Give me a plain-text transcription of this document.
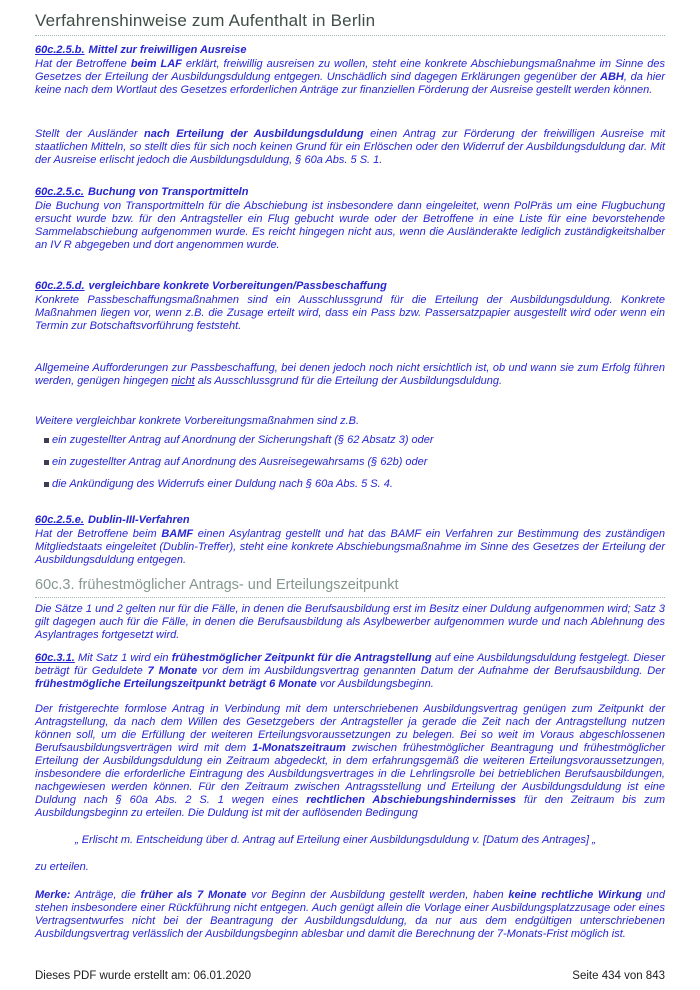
Verfahrenshinweise zum Aufenthalt in Berlin
60c.2.5.b. Mittel zur freiwilligen Ausreise

Hat der Betroffene beim LAF erklärt, freiwillig ausreisen zu wollen, steht eine konkrete Abschiebungsmaßnahme im Sinne des Gesetzes der Erteilung der Ausbildungsduldung entgegen. Unschädlich sind dagegen Erklärungen gegenüber der ABH, da hier keine nach dem Wortlaut des Gesetzes erforderlichen Anträge zur finanziellen Förderung der Ausreise gestellt werden können.

Stellt der Ausländer nach Erteilung der Ausbildungsduldung einen Antrag zur Förderung der freiwilligen Ausreise mit staatlichen Mitteln, so stellt dies für sich noch keinen Grund für ein Erlöschen oder den Widerruf der Ausbildungsduldung dar. Mit der Ausreise erlischt jedoch die Ausbildungsduldung, § 60a Abs. 5 S. 1.

60c.2.5.c. Buchung von Transportmitteln

Die Buchung von Transportmitteln für die Abschiebung ist insbesondere dann eingeleitet, wenn PolPräs um eine Flugbuchung ersucht wurde bzw. für den Antragsteller ein Flug gebucht wurde oder der Betroffene in eine Liste für eine bevorstehende Sammelabschiebung aufgenommen wurde. Es reicht hingegen nicht aus, wenn die Ausländerakte lediglich zuständigkeitshalber an IV R abgegeben und dort angenommen wurde.

60c.2.5.d. vergleichbare konkrete Vorbereitungen/Passbeschaffung

Konkrete Passbeschaffungsmaßnahmen sind ein Ausschlussgrund für die Erteilung der Ausbildungsduldung. Konkrete Maßnahmen liegen vor, wenn z.B. die Zusage erteilt wird, dass ein Pass bzw. Passersatzpapier ausgestellt wird oder wenn ein Termin zur Botschaftsvorführung feststeht.

Allgemeine Aufforderungen zur Passbeschaffung, bei denen jedoch noch nicht ersichtlich ist, ob und wann sie zum Erfolg führen werden, genügen hingegen nicht als Ausschlussgrund für die Erteilung der Ausbildungsduldung.

Weitere vergleichbar konkrete Vorbereitungsmaßnahmen sind z.B.

ein zugestellter Antrag auf Anordnung der Sicherungshaft (§ 62 Absatz 3) oder
ein zugestellter Antrag auf Anordnung des Ausreisegewahrsams (§ 62b) oder
die Ankündigung des Widerrufs einer Duldung nach § 60a Abs. 5 S. 4.
60c.2.5.e. Dublin-III-Verfahren

Hat der Betroffene beim BAMF einen Asylantrag gestellt und hat das BAMF ein Verfahren zur Bestimmung des zuständigen Mitgliedstaats eingeleitet (Dublin-Treffer), steht eine konkrete Abschiebungsmaßnahme im Sinne des Gesetzes der Erteilung der Ausbildungsduldung entgegen.

60c.3. frühestmöglicher Antrags- und Erteilungszeitpunkt

Die Sätze 1 und 2 gelten nur für die Fälle, in denen die Berufsausbildung erst im Besitz einer Duldung aufgenommen wird; Satz 3 gilt dagegen auch für die Fälle, in denen die Berufsausbildung als Asylbewerber aufgenommen wurde und nach Ablehnung des Asylantrages fortgesetzt wird.

60c.3.1. Mit Satz 1 wird ein frühestmöglicher Zeitpunkt für die Antragstellung auf eine Ausbildungsduldung festgelegt. Dieser beträgt für Geduldete 7 Monate vor dem im Ausbildungsvertrag genannten Datum der Aufnahme der Berufsausbildung. Der frühestmögliche Erteilungszeitpunkt beträgt 6 Monate vor Ausbildungsbeginn.

Der fristgerechte formlose Antrag in Verbindung mit dem unterschriebenen Ausbildungsvertrag genügen zum Zeitpunkt der Antragstellung, da nach dem Willen des Gesetzgebers der Antragsteller ja gerade die Zeit nach der Antragstellung nutzen können soll, um die Erfüllung der weiteren Erteilungsvoraussetzungen zu belegen. Bei so weit im Voraus abgeschlossenen Berufsausbildungsverträgen wird mit dem 1-Monatszeitraum zwischen frühestmöglicher Beantragung und frühestmöglicher Erteilung der Ausbildungsduldung ein Zeitraum abgedeckt, in dem erfahrungsgemäß die weiteren Erteilungsvoraussetzungen, insbesondere die erforderliche Eintragung des Ausbildungsvertrages in die Lehrlingsrolle bei betrieblichen Berufsausbildungen, nachgewiesen werden können. Für den Zeitraum zwischen Antragsstellung und Erteilung der Ausbildungsduldung ist eine Duldung nach § 60a Abs. 2 S. 1 wegen eines rechtlichen Abschiebungshindernisses für den Zeitraum bis zum Ausbildungsbeginn zu erteilen. Die Duldung ist mit der auflösenden Bedingung

„ Erlischt m. Entscheidung über d. Antrag auf Erteilung einer Ausbildungsduldung v. [Datum des Antrages] „

zu erteilen.

Merke: Anträge, die früher als 7 Monate vor Beginn der Ausbildung gestellt werden, haben keine rechtliche Wirkung und stehen insbesondere einer Rückführung nicht entgegen. Auch genügt allein die Vorlage einer Ausbildungsplatzzusage oder eines Vertragsentwurfes nicht bei der Beantragung der Ausbildungsduldung, da nur aus dem endgültigen unterschriebenen Ausbildungsvertrag verlässlich der Ausbildungsbeginn ablesbar und damit die Berechnung der 7-Monats-Frist möglich ist.

Dieses PDF wurde erstellt am: 06.01.2020	Seite 434 von 843
